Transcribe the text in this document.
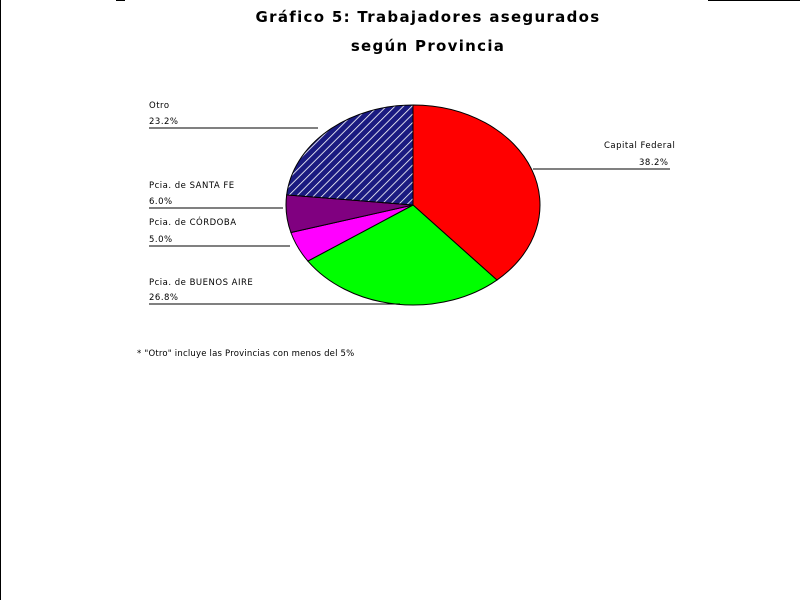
Gráfico 5: Trabajadores asegurados
según Provincia
Capital Federal
38.2%
Pcia. de BUENOS AIRE
26.8%
Pcia. de CÓRDOBA
5.0%
Pcia. de SANTA FE
6.0%
Otro
23.2%
* "Otro" incluye las Provincias con menos del 5%
